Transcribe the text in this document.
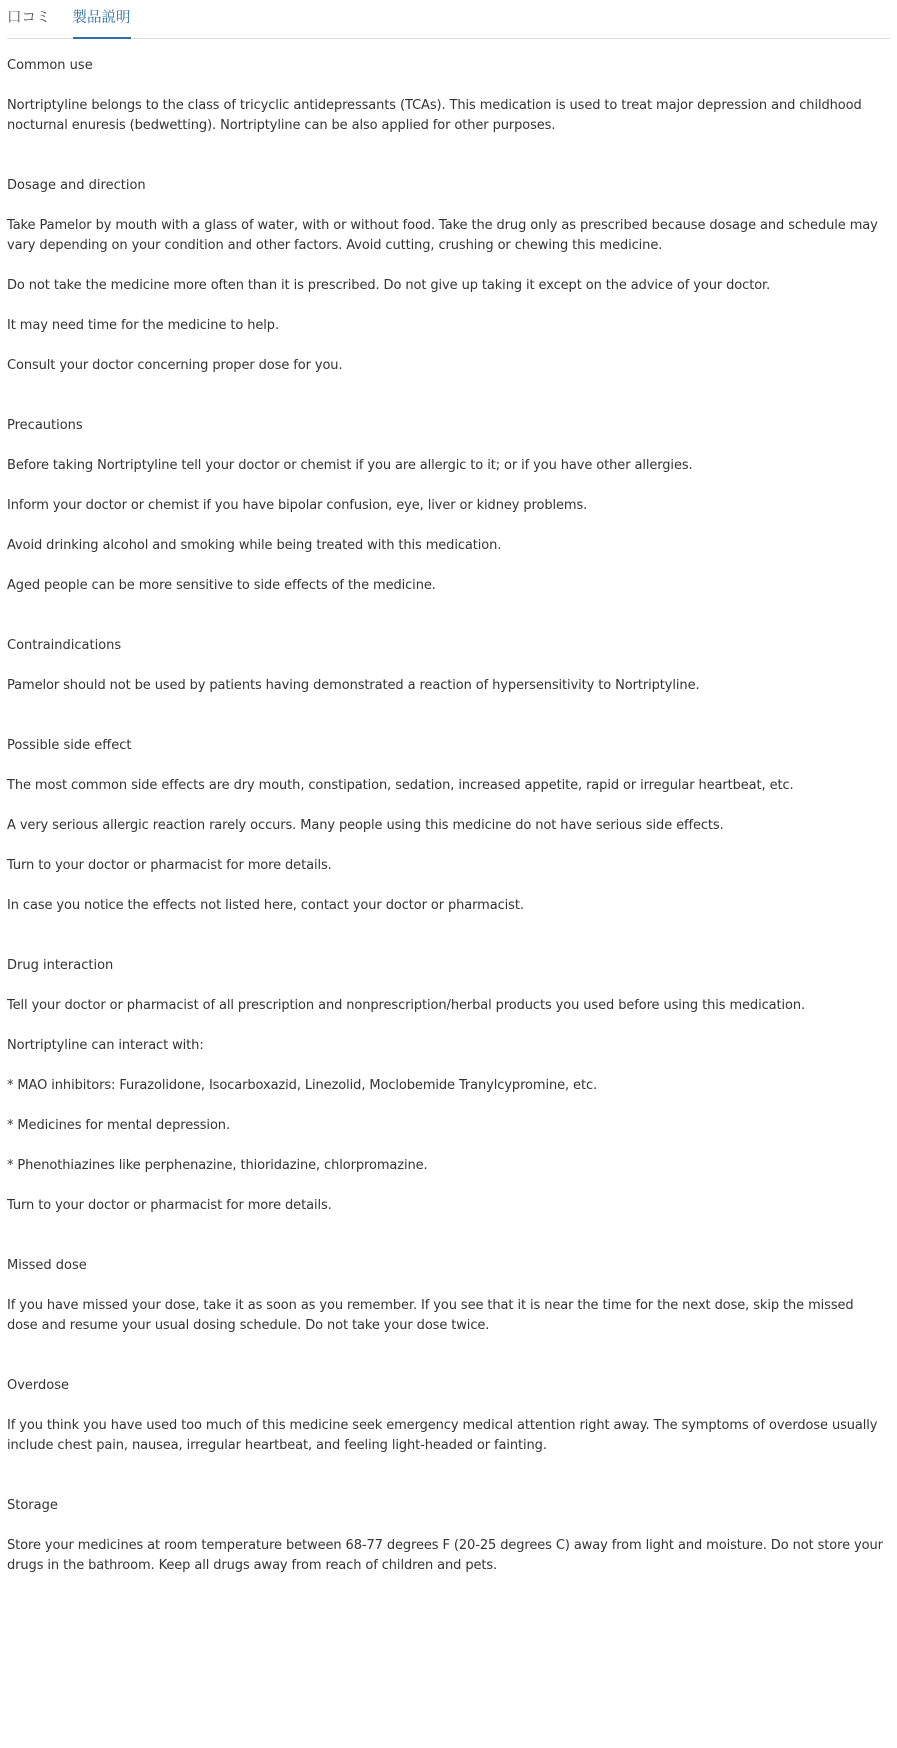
口コミ 製品説明
Common use

Nortriptyline belongs to the class of tricyclic antidepressants (TCAs). This medication is used to treat major depression and childhood nocturnal enuresis (bedwetting). Nortriptyline can be also applied for other purposes.

Dosage and direction

Take Pamelor by mouth with a glass of water, with or without food. Take the drug only as prescribed because dosage and schedule may vary depending on your condition and other factors. Avoid cutting, crushing or chewing this medicine.

Do not take the medicine more often than it is prescribed. Do not give up taking it except on the advice of your doctor.

It may need time for the medicine to help.

Consult your doctor concerning proper dose for you.

Precautions

Before taking Nortriptyline tell your doctor or chemist if you are allergic to it; or if you have other allergies.

Inform your doctor or chemist if you have bipolar confusion, eye, liver or kidney problems.

Avoid drinking alcohol and smoking while being treated with this medication.

Aged people can be more sensitive to side effects of the medicine.

Contraindications

Pamelor should not be used by patients having demonstrated a reaction of hypersensitivity to Nortriptyline.

Possible side effect

The most common side effects are dry mouth, constipation, sedation, increased appetite, rapid or irregular heartbeat, etc.

A very serious allergic reaction rarely occurs. Many people using this medicine do not have serious side effects.

Turn to your doctor or pharmacist for more details.

In case you notice the effects not listed here, contact your doctor or pharmacist.

Drug interaction

Tell your doctor or pharmacist of all prescription and nonprescription/herbal products you used before using this medication.

Nortriptyline can interact with:

* MAO inhibitors: Furazolidone, Isocarboxazid, Linezolid, Moclobemide Tranylcypromine, etc.

* Medicines for mental depression.

* Phenothiazines like perphenazine, thioridazine, chlorpromazine.

Turn to your doctor or pharmacist for more details.

Missed dose

If you have missed your dose, take it as soon as you remember. If you see that it is near the time for the next dose, skip the missed dose and resume your usual dosing schedule. Do not take your dose twice.

Overdose

If you think you have used too much of this medicine seek emergency medical attention right away. The symptoms of overdose usually include chest pain, nausea, irregular heartbeat, and feeling light-headed or fainting.

Storage

Store your medicines at room temperature between 68-77 degrees F (20-25 degrees C) away from light and moisture. Do not store your drugs in the bathroom. Keep all drugs away from reach of children and pets.
